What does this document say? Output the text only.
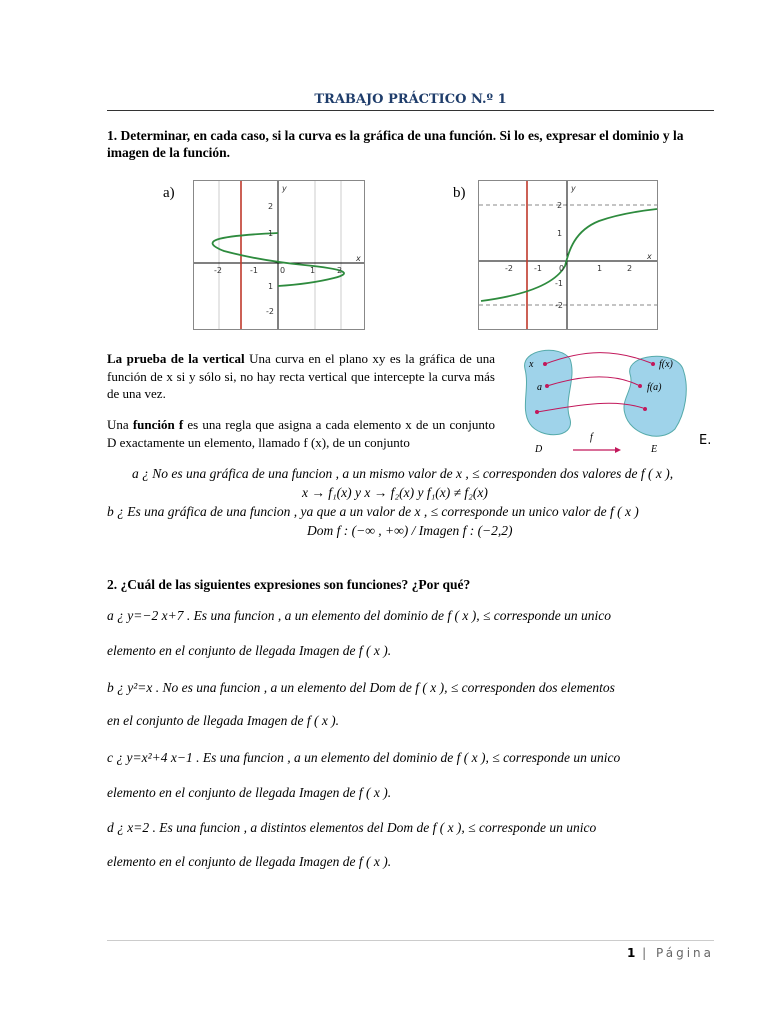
TRABAJO PRÁCTICO N.º 1
1. Determinar, en cada caso, si la curva es la gráfica de una función. Si lo es, expresar el dominio y la imagen de la función.
a)
-2	-1	0	1	2
2
1
1
-2
x
y	b)
-2	-1 0	1	2
2
1
-1
-2
x
y
La prueba de la vertical Una curva en el plano xy es la gráfica de una función de x si y sólo si, no hay recta vertical que intercepte la curva más de una vez.
Una función f es una regla que asigna a cada elemento x de un conjunto D exactamente un elemento, llamado f (x), de un conjunto	E.
x
a
f(x)
f(a)
D	E
f
a ¿ No es una gráfica de una funcion , a un mismo valor de x , ≤ corresponden dos valores de f ( x ),
x → f₁(x) y x → f₂(x) y f₁(x) ≠ f₂(x)
b ¿ Es una gráfica de una funcion , ya que a un valor de x , ≤ corresponde un unico valor de f ( x )
Dom f : (−∞ , +∞) / Imagen f : (−2,2)
2. ¿Cuál de las siguientes expresiones son funciones? ¿Por qué?
a ¿ y=−2 x+7 . Es una funcion , a un elemento del dominio de f ( x ), ≤ corresponde un unico
elemento en el conjunto de llegada Imagen de f ( x ).
b ¿ y²=x . No es una funcion , a un elemento del Dom de f ( x ), ≤ corresponden dos elementos
en el conjunto de llegada Imagen de f ( x ).
c ¿ y=x²+4 x−1 . Es una funcion , a un elemento del dominio de f ( x ), ≤ corresponde un unico
elemento en el conjunto de llegada Imagen de f ( x ).
d ¿ x=2 . Es una funcion , a distintos elementos del Dom de f ( x ), ≤ corresponde un unico
elemento en el conjunto de llegada Imagen de f ( x ).
1 | Página
